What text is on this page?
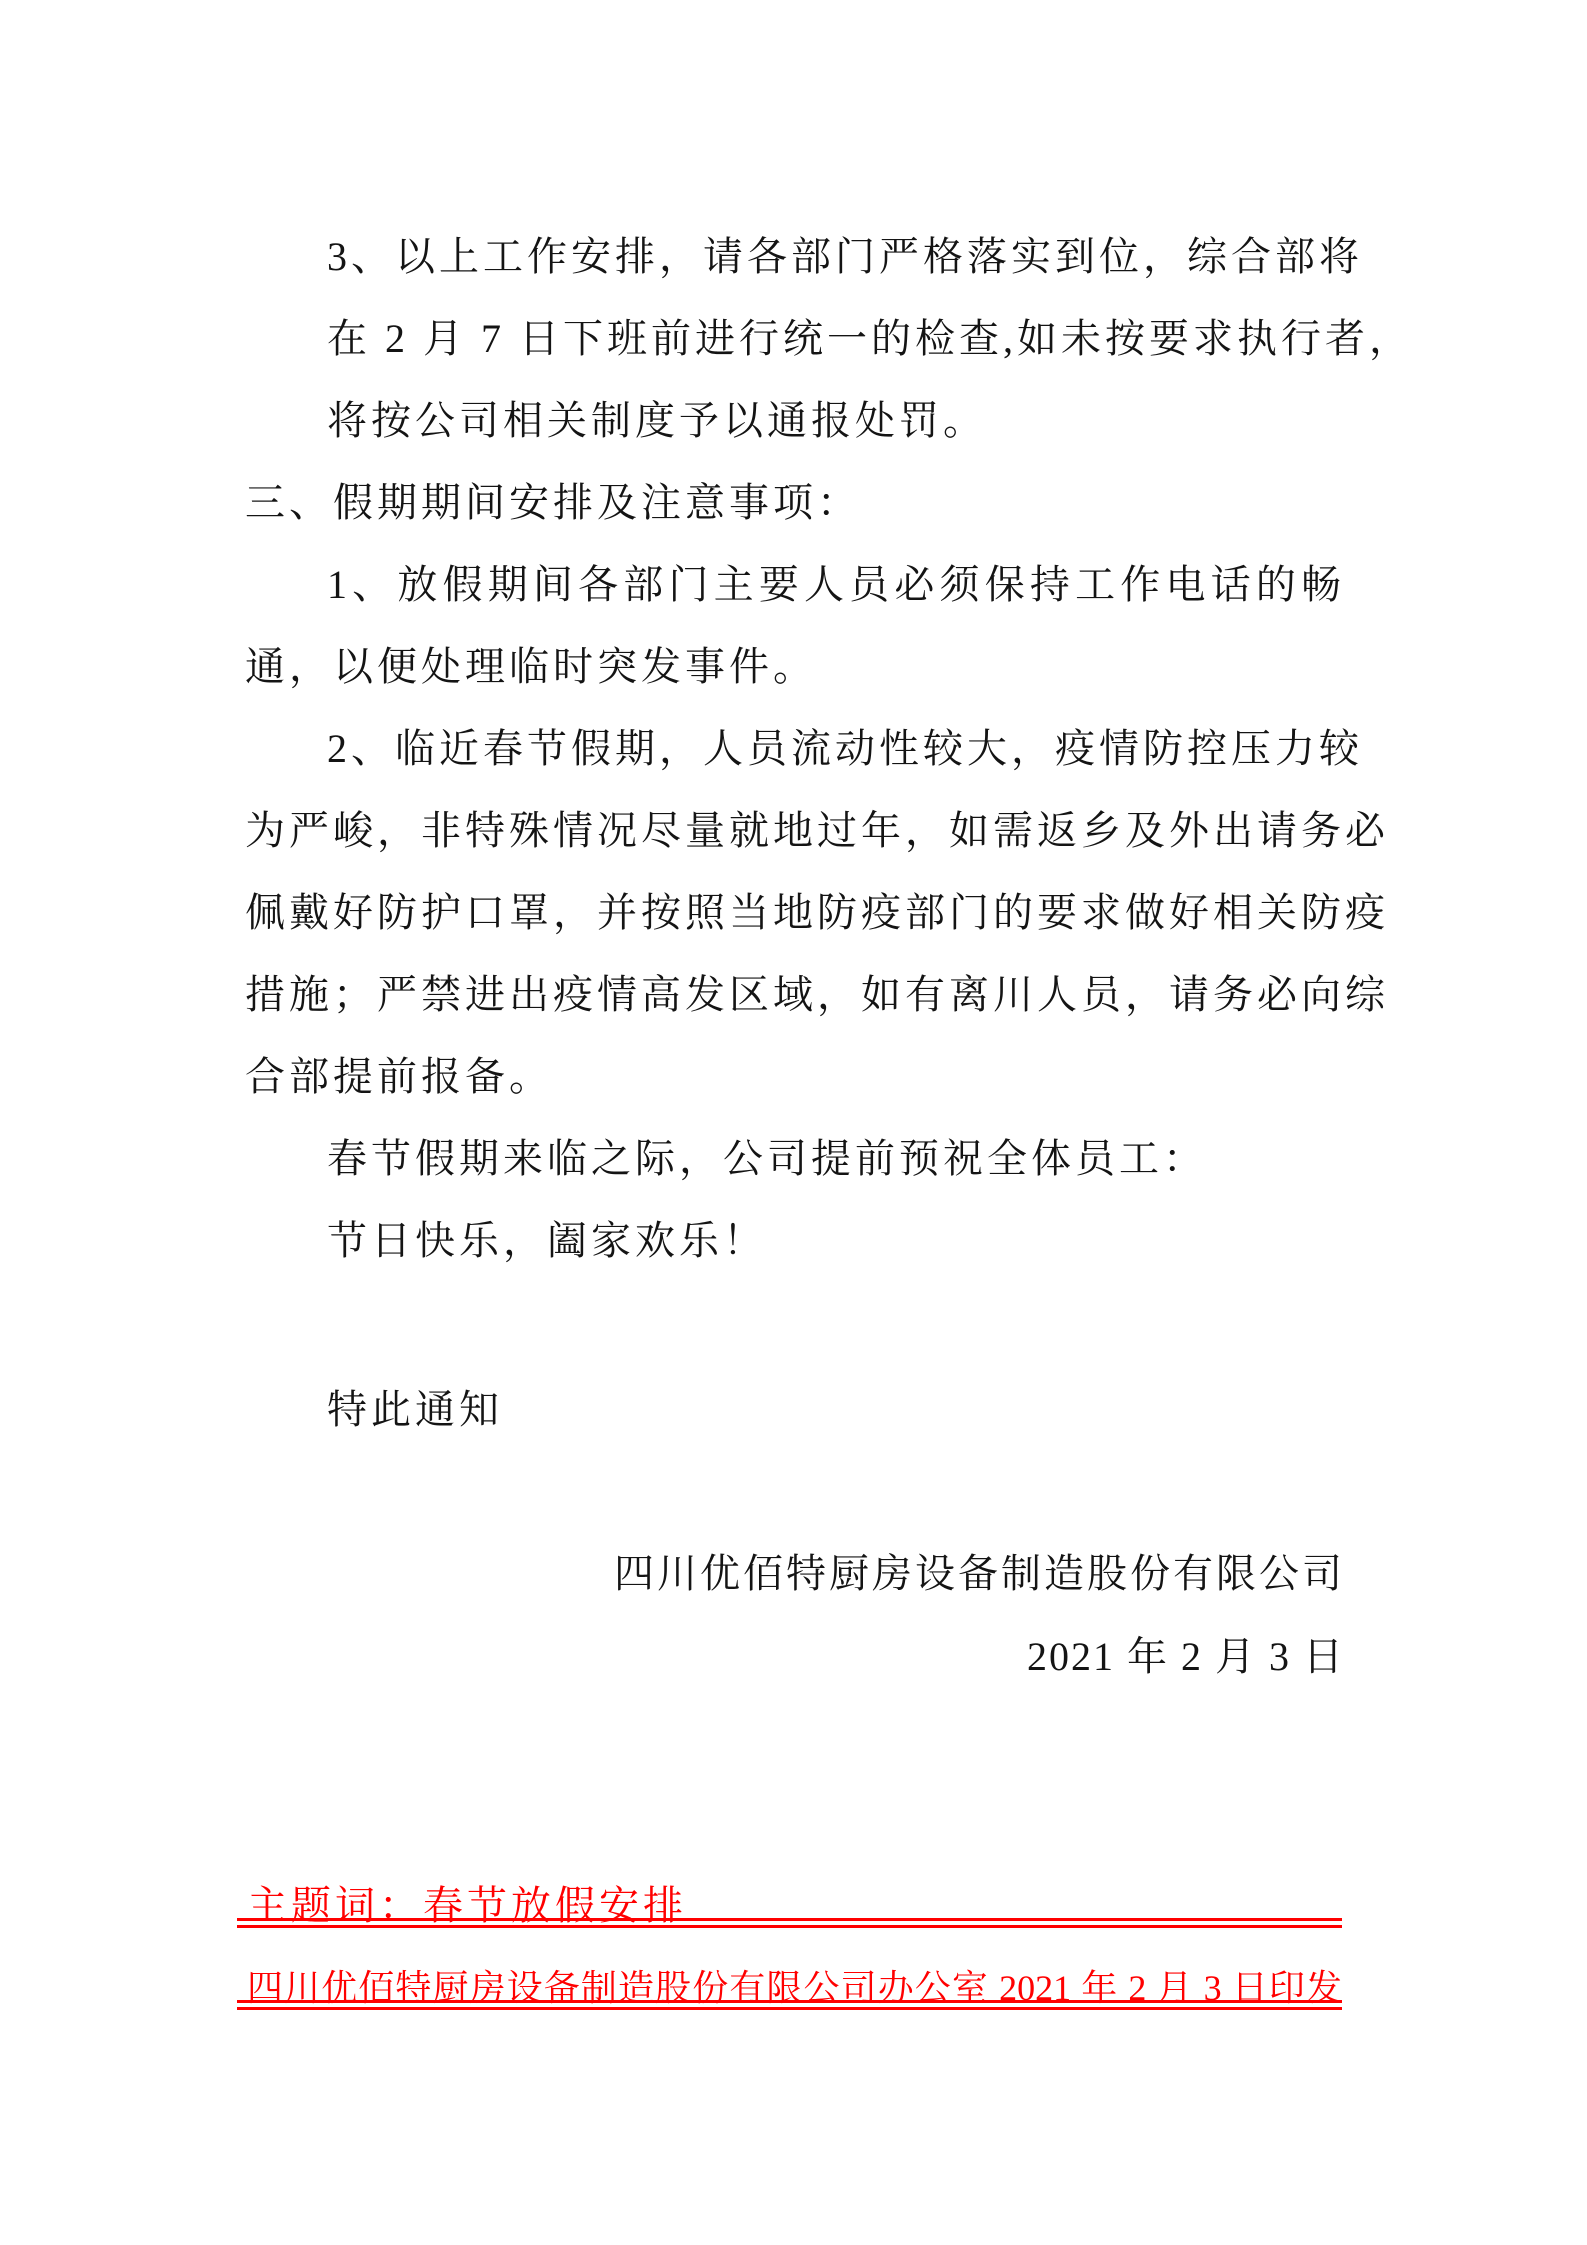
3、以上工作安排，请各部门严格落实到位，综合部将
在 2 月 7 日下班前进行统一的检查,如未按要求执行者，
将按公司相关制度予以通报处罚。
三、假期期间安排及注意事项：
1、放假期间各部门主要人员必须保持工作电话的畅
通，以便处理临时突发事件。
2、临近春节假期，人员流动性较大，疫情防控压力较
为严峻，非特殊情况尽量就地过年，如需返乡及外出请务必
佩戴好防护口罩，并按照当地防疫部门的要求做好相关防疫
措施；严禁进出疫情高发区域，如有离川人员，请务必向综
合部提前报备。
春节假期来临之际，公司提前预祝全体员工：
节日快乐，阖家欢乐！
特此通知
四川优佰特厨房设备制造股份有限公司
2021 年 2 月 3 日
主题词：春节放假安排
四川优佰特厨房设备制造股份有限公司办公室 2021 年 2 月 3 日印发
